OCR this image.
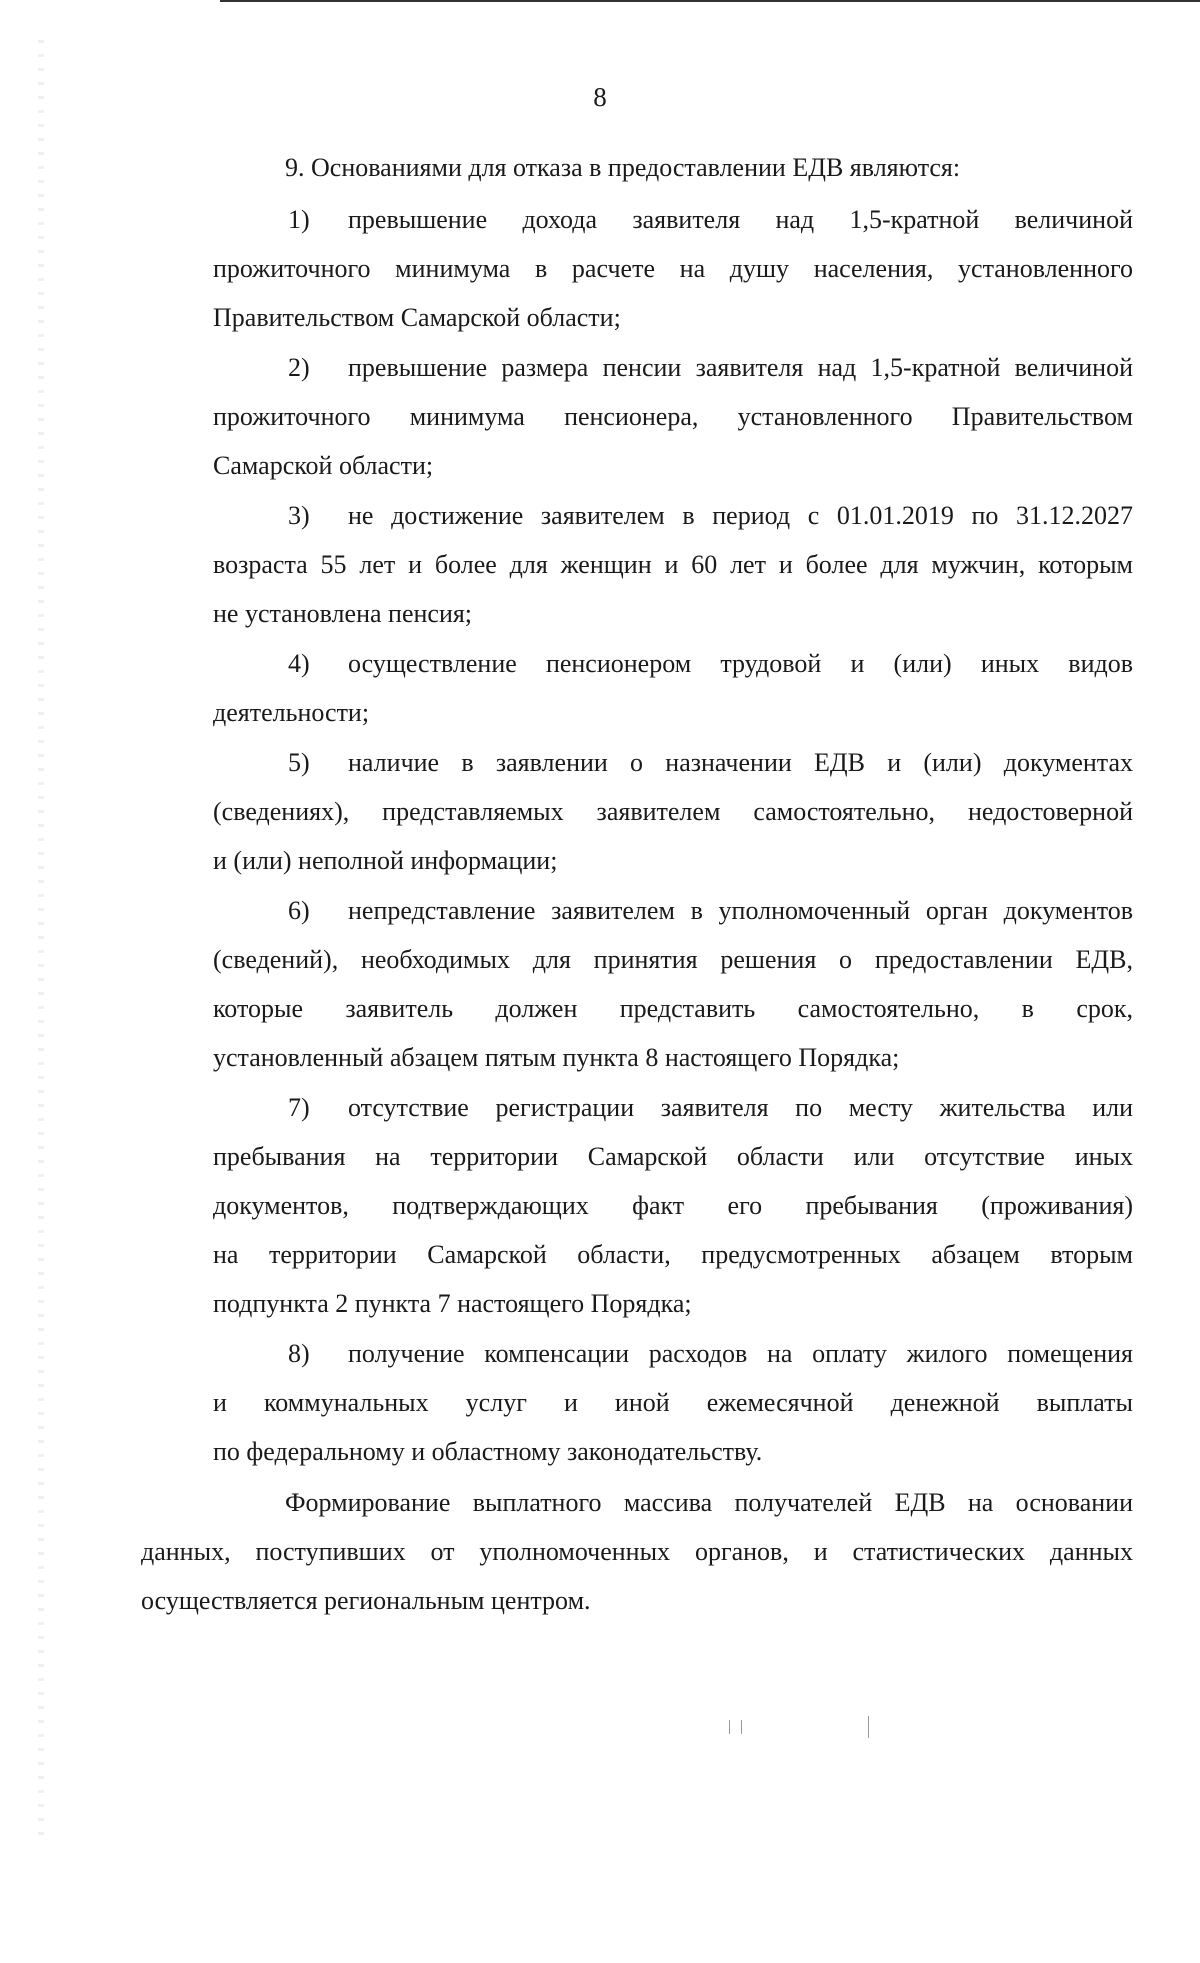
8

9. Основаниями для отказа в предоставлении ЕДВ являются:

1) превышение дохода заявителя над 1,5-кратной величиной
прожиточного минимума в расчете на душу населения, установленного
Правительством Самарской области;
2) превышение размера пенсии заявителя над 1,5-кратной величиной
прожиточного минимума пенсионера, установленного Правительством
Самарской области;
3) не достижение заявителем в период с 01.01.2019 по 31.12.2027
возраста 55 лет и более для женщин и 60 лет и более для мужчин, которым
не установлена пенсия;
4) осуществление пенсионером трудовой и (или) иных видов
деятельности;
5) наличие в заявлении о назначении ЕДВ и (или) документах
(сведениях), представляемых заявителем самостоятельно, недостоверной
и (или) неполной информации;
6) непредставление заявителем в уполномоченный орган документов
(сведений), необходимых для принятия решения о предоставлении ЕДВ,
которые заявитель должен представить самостоятельно, в срок,
установленный абзацем пятым пункта 8 настоящего Порядка;
7) отсутствие регистрации заявителя по месту жительства или
пребывания на территории Самарской области или отсутствие иных
документов, подтверждающих факт его пребывания (проживания)
на территории Самарской области, предусмотренных абзацем вторым
подпункта 2 пункта 7 настоящего Порядка;
8) получение компенсации расходов на оплату жилого помещения
и коммунальных услуг и иной ежемесячной денежной выплаты
по федеральному и областному законодательству.
Формирование выплатного массива получателей ЕДВ на основании
данных, поступивших от уполномоченных органов, и статистических данных
осуществляется региональным центром.
